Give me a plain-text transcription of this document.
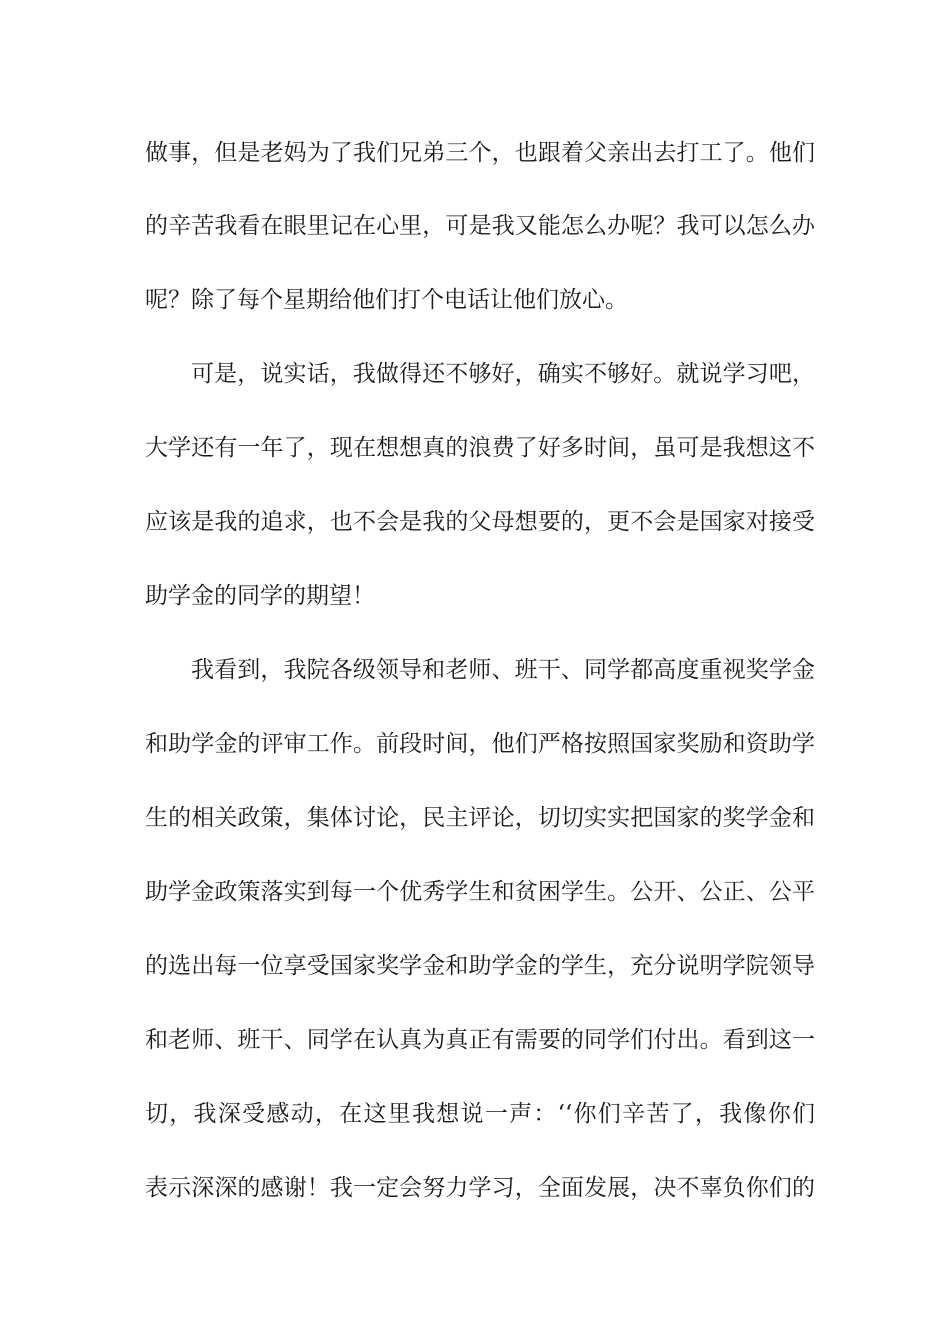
做事，但是老妈为了我们兄弟三个，也跟着父亲出去打工了。他们
的辛苦我看在眼里记在心里，可是我又能怎么办呢？我可以怎么办
呢？除了每个星期给他们打个电话让他们放心。
可是，说实话，我做得还不够好，确实不够好。就说学习吧，
大学还有一年了，现在想想真的浪费了好多时间，虽可是我想这不
应该是我的追求，也不会是我的父母想要的，更不会是国家对接受
助学金的同学的期望！
我看到，我院各级领导和老师、班干、同学都高度重视奖学金
和助学金的评审工作。前段时间，他们严格按照国家奖励和资助学
生的相关政策，集体讨论，民主评论，切切实实把国家的奖学金和
助学金政策落实到每一个优秀学生和贫困学生。公开、公正、公平
的选出每一位享受国家奖学金和助学金的学生，充分说明学院领导
和老师、班干、同学在认真为真正有需要的同学们付出。看到这一
切，我深受感动，在这里我想说一声：‘‘你们辛苦了，我像你们
表示深深的感谢！我一定会努力学习，全面发展，决不辜负你们的
